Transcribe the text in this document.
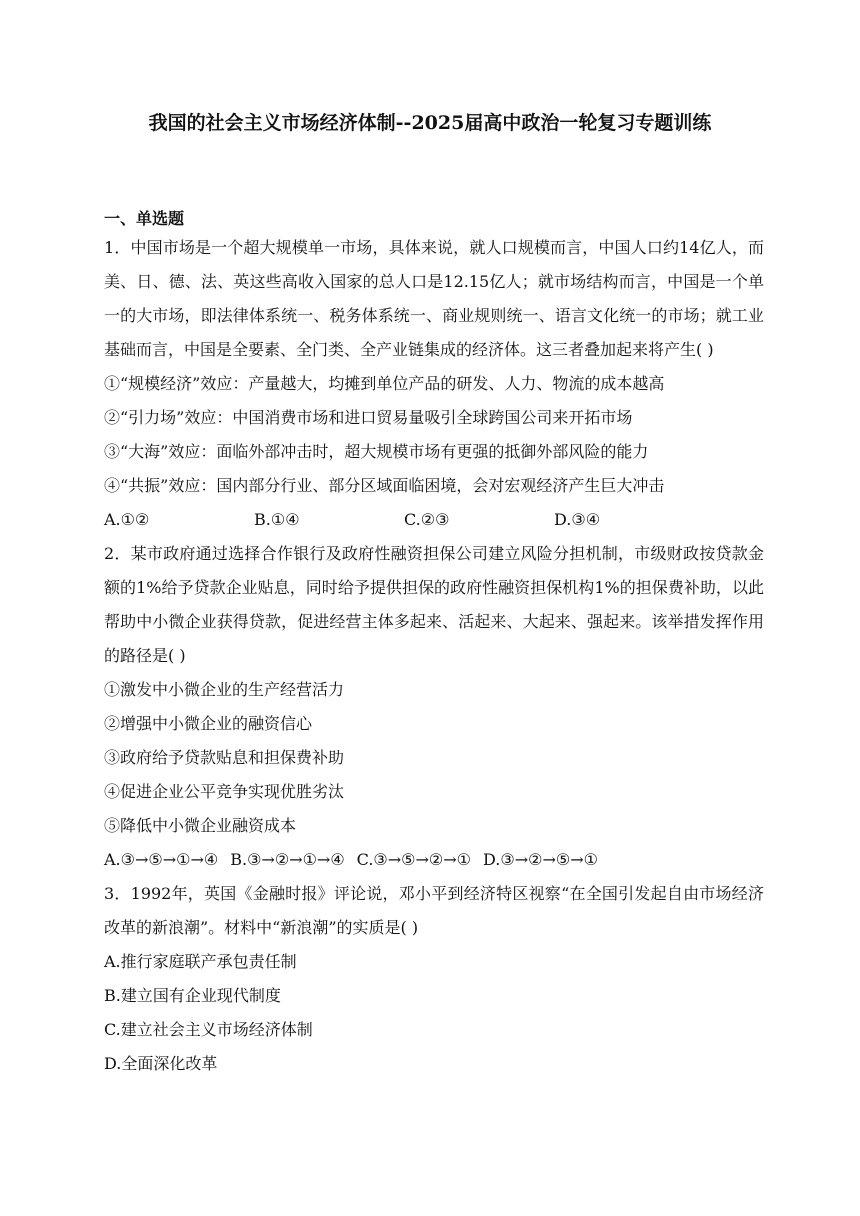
我国的社会主义市场经济体制--2025届高中政治一轮复习专题训练
一、单选题

1．中国市场是一个超大规模单一市场，具体来说，就人口规模而言，中国人口约14亿人，而美、日、德、法、英这些高收入国家的总人口是12.15亿人；就市场结构而言，中国是一个单一的大市场，即法律体系统一、税务体系统一、商业规则统一、语言文化统一的市场；就工业基础而言，中国是全要素、全门类、全产业链集成的经济体。这三者叠加起来将产生( )

①“规模经济”效应：产量越大，均摊到单位产品的研发、人力、物流的成本越高

②“引力场”效应：中国消费市场和进口贸易量吸引全球跨国公司来开拓市场

③“大海”效应：面临外部冲击时，超大规模市场有更强的抵御外部风险的能力

④“共振”效应：国内部分行业、部分区域面临困境，会对宏观经济产生巨大冲击

A.①②	B.①④	C.②③	D.③④

2．某市政府通过选择合作银行及政府性融资担保公司建立风险分担机制，市级财政按贷款金额的1%给予贷款企业贴息，同时给予提供担保的政府性融资担保机构1%的担保费补助，以此帮助中小微企业获得贷款，促进经营主体多起来、活起来、大起来、强起来。该举措发挥作用的路径是( )

①激发中小微企业的生产经营活力

②增强中小微企业的融资信心

③政府给予贷款贴息和担保费补助

④促进企业公平竞争实现优胜劣汰

⑤降低中小微企业融资成本

A.③→⑤→①→④ B.③→②→①→④ C.③→⑤→②→① D.③→②→⑤→①

3．1992年，英国《金融时报》评论说，邓小平到经济特区视察“在全国引发起自由市场经济改革的新浪潮”。材料中“新浪潮”的实质是( )

A.推行家庭联产承包责任制

B.建立国有企业现代制度

C.建立社会主义市场经济体制

D.全面深化改革
